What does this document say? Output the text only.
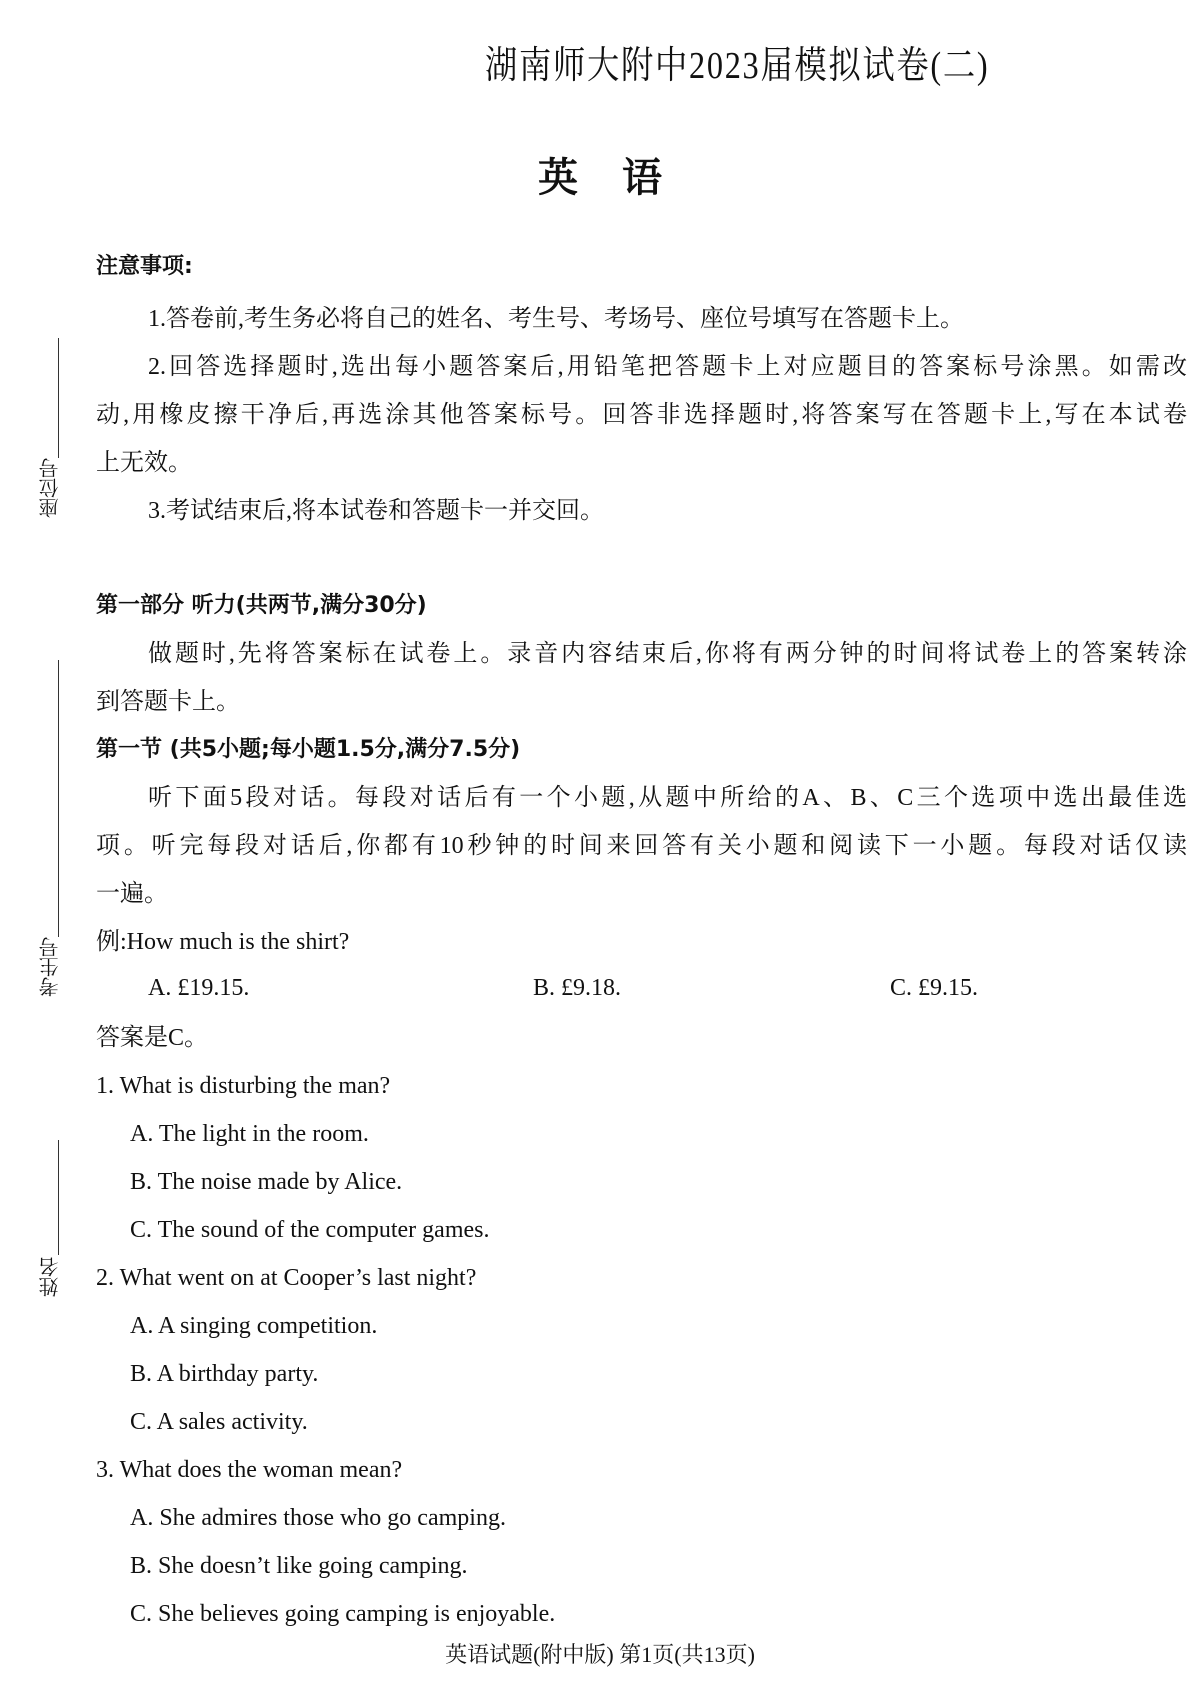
湖南师大附中2023届模拟试卷(二)
英 语
座位号
考生号
姓名
注意事项:
1.答卷前,考生务必将自己的姓名、考生号、考场号、座位号填写在答题卡上。
2.回答选择题时,选出每小题答案后,用铅笔把答题卡上对应题目的答案标号涂黑。如需改
动,用橡皮擦干净后,再选涂其他答案标号。回答非选择题时,将答案写在答题卡上,写在本试卷
上无效。
3.考试结束后,将本试卷和答题卡一并交回。
第一部分 听力(共两节,满分30分)
做题时,先将答案标在试卷上。录音内容结束后,你将有两分钟的时间将试卷上的答案转涂
到答题卡上。
第一节 (共5小题;每小题1.5分,满分7.5分)
听下面5段对话。每段对话后有一个小题,从题中所给的A、B、C三个选项中选出最佳选
项。听完每段对话后,你都有10秒钟的时间来回答有关小题和阅读下一小题。每段对话仅读
一遍。
例:How much is the shirt?
A. £19.15.	B. £9.18.	C. £9.15.
答案是C。
1. What is disturbing the man?
A. The light in the room.
B. The noise made by Alice.
C. The sound of the computer games.
2. What went on at Cooper’s last night?
A. A singing competition.
B. A birthday party.
C. A sales activity.
3. What does the woman mean?
A. She admires those who go camping.
B. She doesn’t like going camping.
C. She believes going camping is enjoyable.
英语试题(附中版) 第1页(共13页)
